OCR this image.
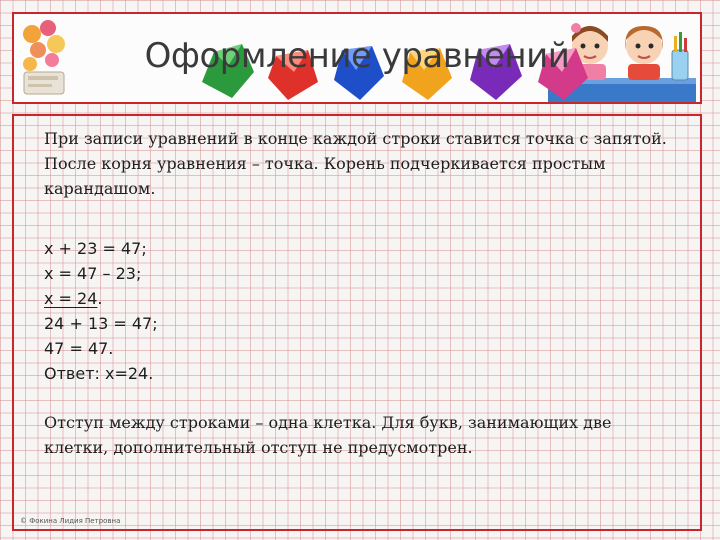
Оформление уравнений

При записи уравнений в конце каждой строки ставится точка с запятой. После корня уравнения – точка. Корень подчеркивается простым карандашом.

x + 23 = 47;
x = 47 – 23;
x = 24.
24 + 13 = 47;
47 = 47.
Ответ: x=24.

Отступ между строками – одна клетка. Для букв, занимающих две клетки, дополнительный отступ не предусмотрен.

© Фокина Лидия Петровна
